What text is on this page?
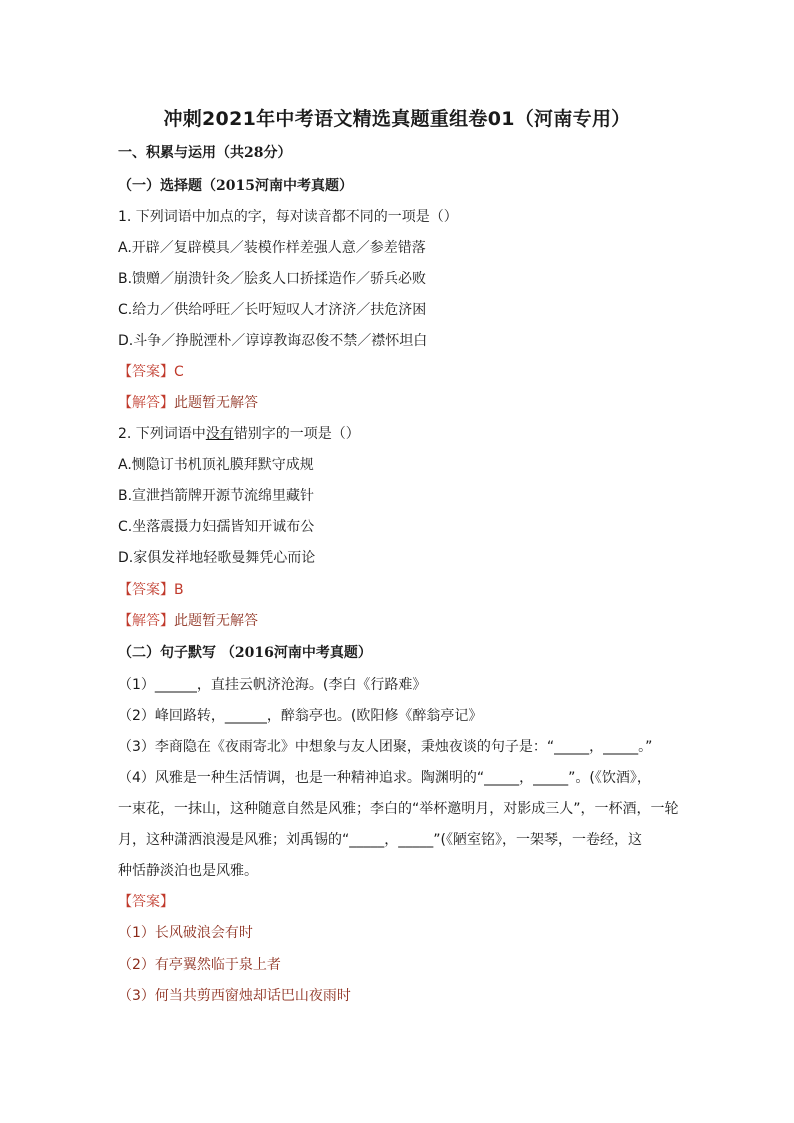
冲刺2021年中考语文精选真题重组卷01（河南专用）
一、积累与运用（共28分）
（一）选择题（2015河南中考真题）
1. 下列词语中加点的字，每对读音都不同的一项是（）
A.开辟／复辟模具／装模作样差强人意／参差错落
B.馈赠／崩溃针灸／脍炙人口挢揉造作／骄兵必败
C.给力／供给呼旺／长吁短叹人才济济／扶危济困
D.斗争／挣脱湮朴／谆谆教诲忍俊不禁／襟怀坦白
【答案】C
【解答】此题暂无解答
2. 下列词语中没有错别字的一项是（）
A.恻隐订书机顶礼膜拜默守成规
B.宣泄挡箭牌开源节流绵里藏针
C.坐落震摄力妇孺皆知开诚布公
D.家俱发祥地轻歌曼舞凭心而论
【答案】B
【解答】此题暂无解答
（二）句子默写 （2016河南中考真题）
（1）______，直挂云帆济沧海。(李白《行路难》
（2）峰回路转，______，醉翁亭也。(欧阳修《醉翁亭记》
（3）李商隐在《夜雨寄北》中想象与友人团聚，秉烛夜谈的句子是：“_____，_____。”
（4）风雅是一种生活情调，也是一种精神追求。陶渊明的“_____，_____”。(《饮酒》，
一束花，一抹山，这种随意自然是风雅；李白的“举杯邀明月，对影成三人”，一杯酒，一轮
月，这种潇洒浪漫是风雅；刘禹锡的“_____，_____”(《陋室铭》，一架琴，一卷经，这
种恬静淡泊也是风雅。
【答案】
（1）长风破浪会有时
（2）有亭翼然临于泉上者
（3）何当共剪西窗烛却话巴山夜雨时
